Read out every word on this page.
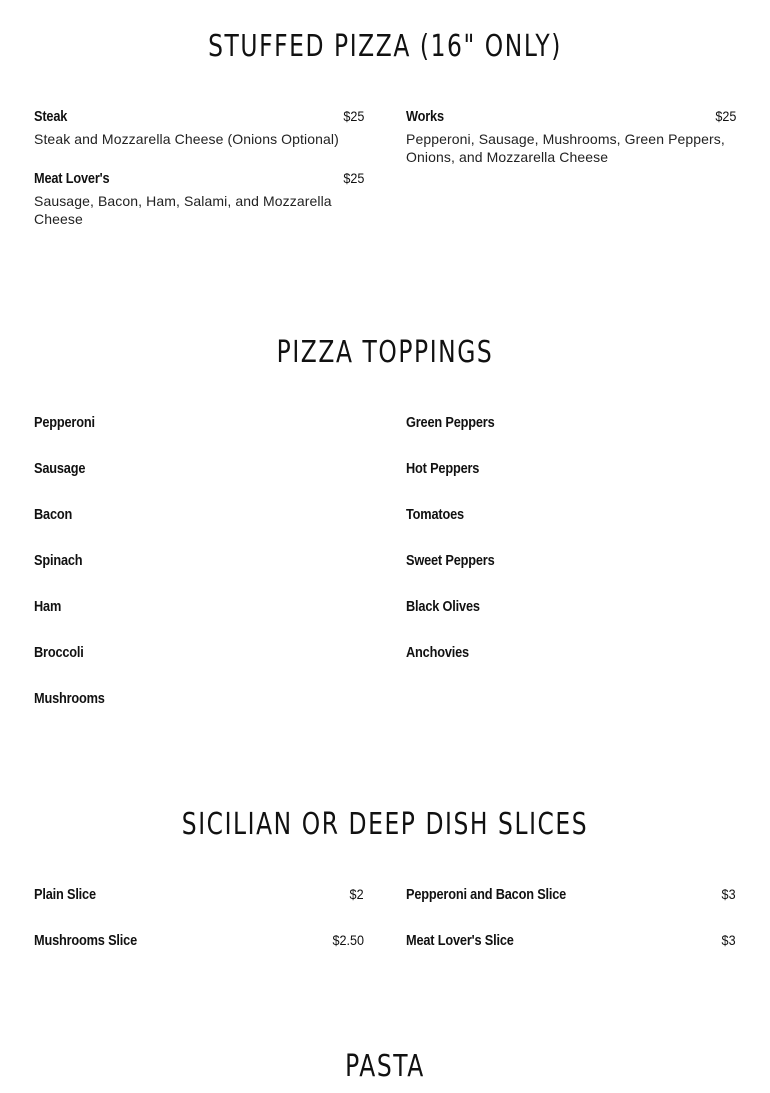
STUFFED PIZZA (16" ONLY)
Steak	$25
Steak and Mozzarella Cheese (Onions Optional)
Meat Lover's	$25
Sausage, Bacon, Ham, Salami, and Mozzarella Cheese
Works	$25
Pepperoni, Sausage, Mushrooms, Green Peppers, Onions, and Mozzarella Cheese
PIZZA TOPPINGS
Pepperoni
Sausage
Bacon
Spinach
Ham
Broccoli
Mushrooms
Green Peppers
Hot Peppers
Tomatoes
Sweet Peppers
Black Olives
Anchovies
SICILIAN OR DEEP DISH SLICES
Plain Slice	$2
Mushrooms Slice	$2.50
Pepperoni and Bacon Slice	$3
Meat Lover's Slice	$3
PASTA
